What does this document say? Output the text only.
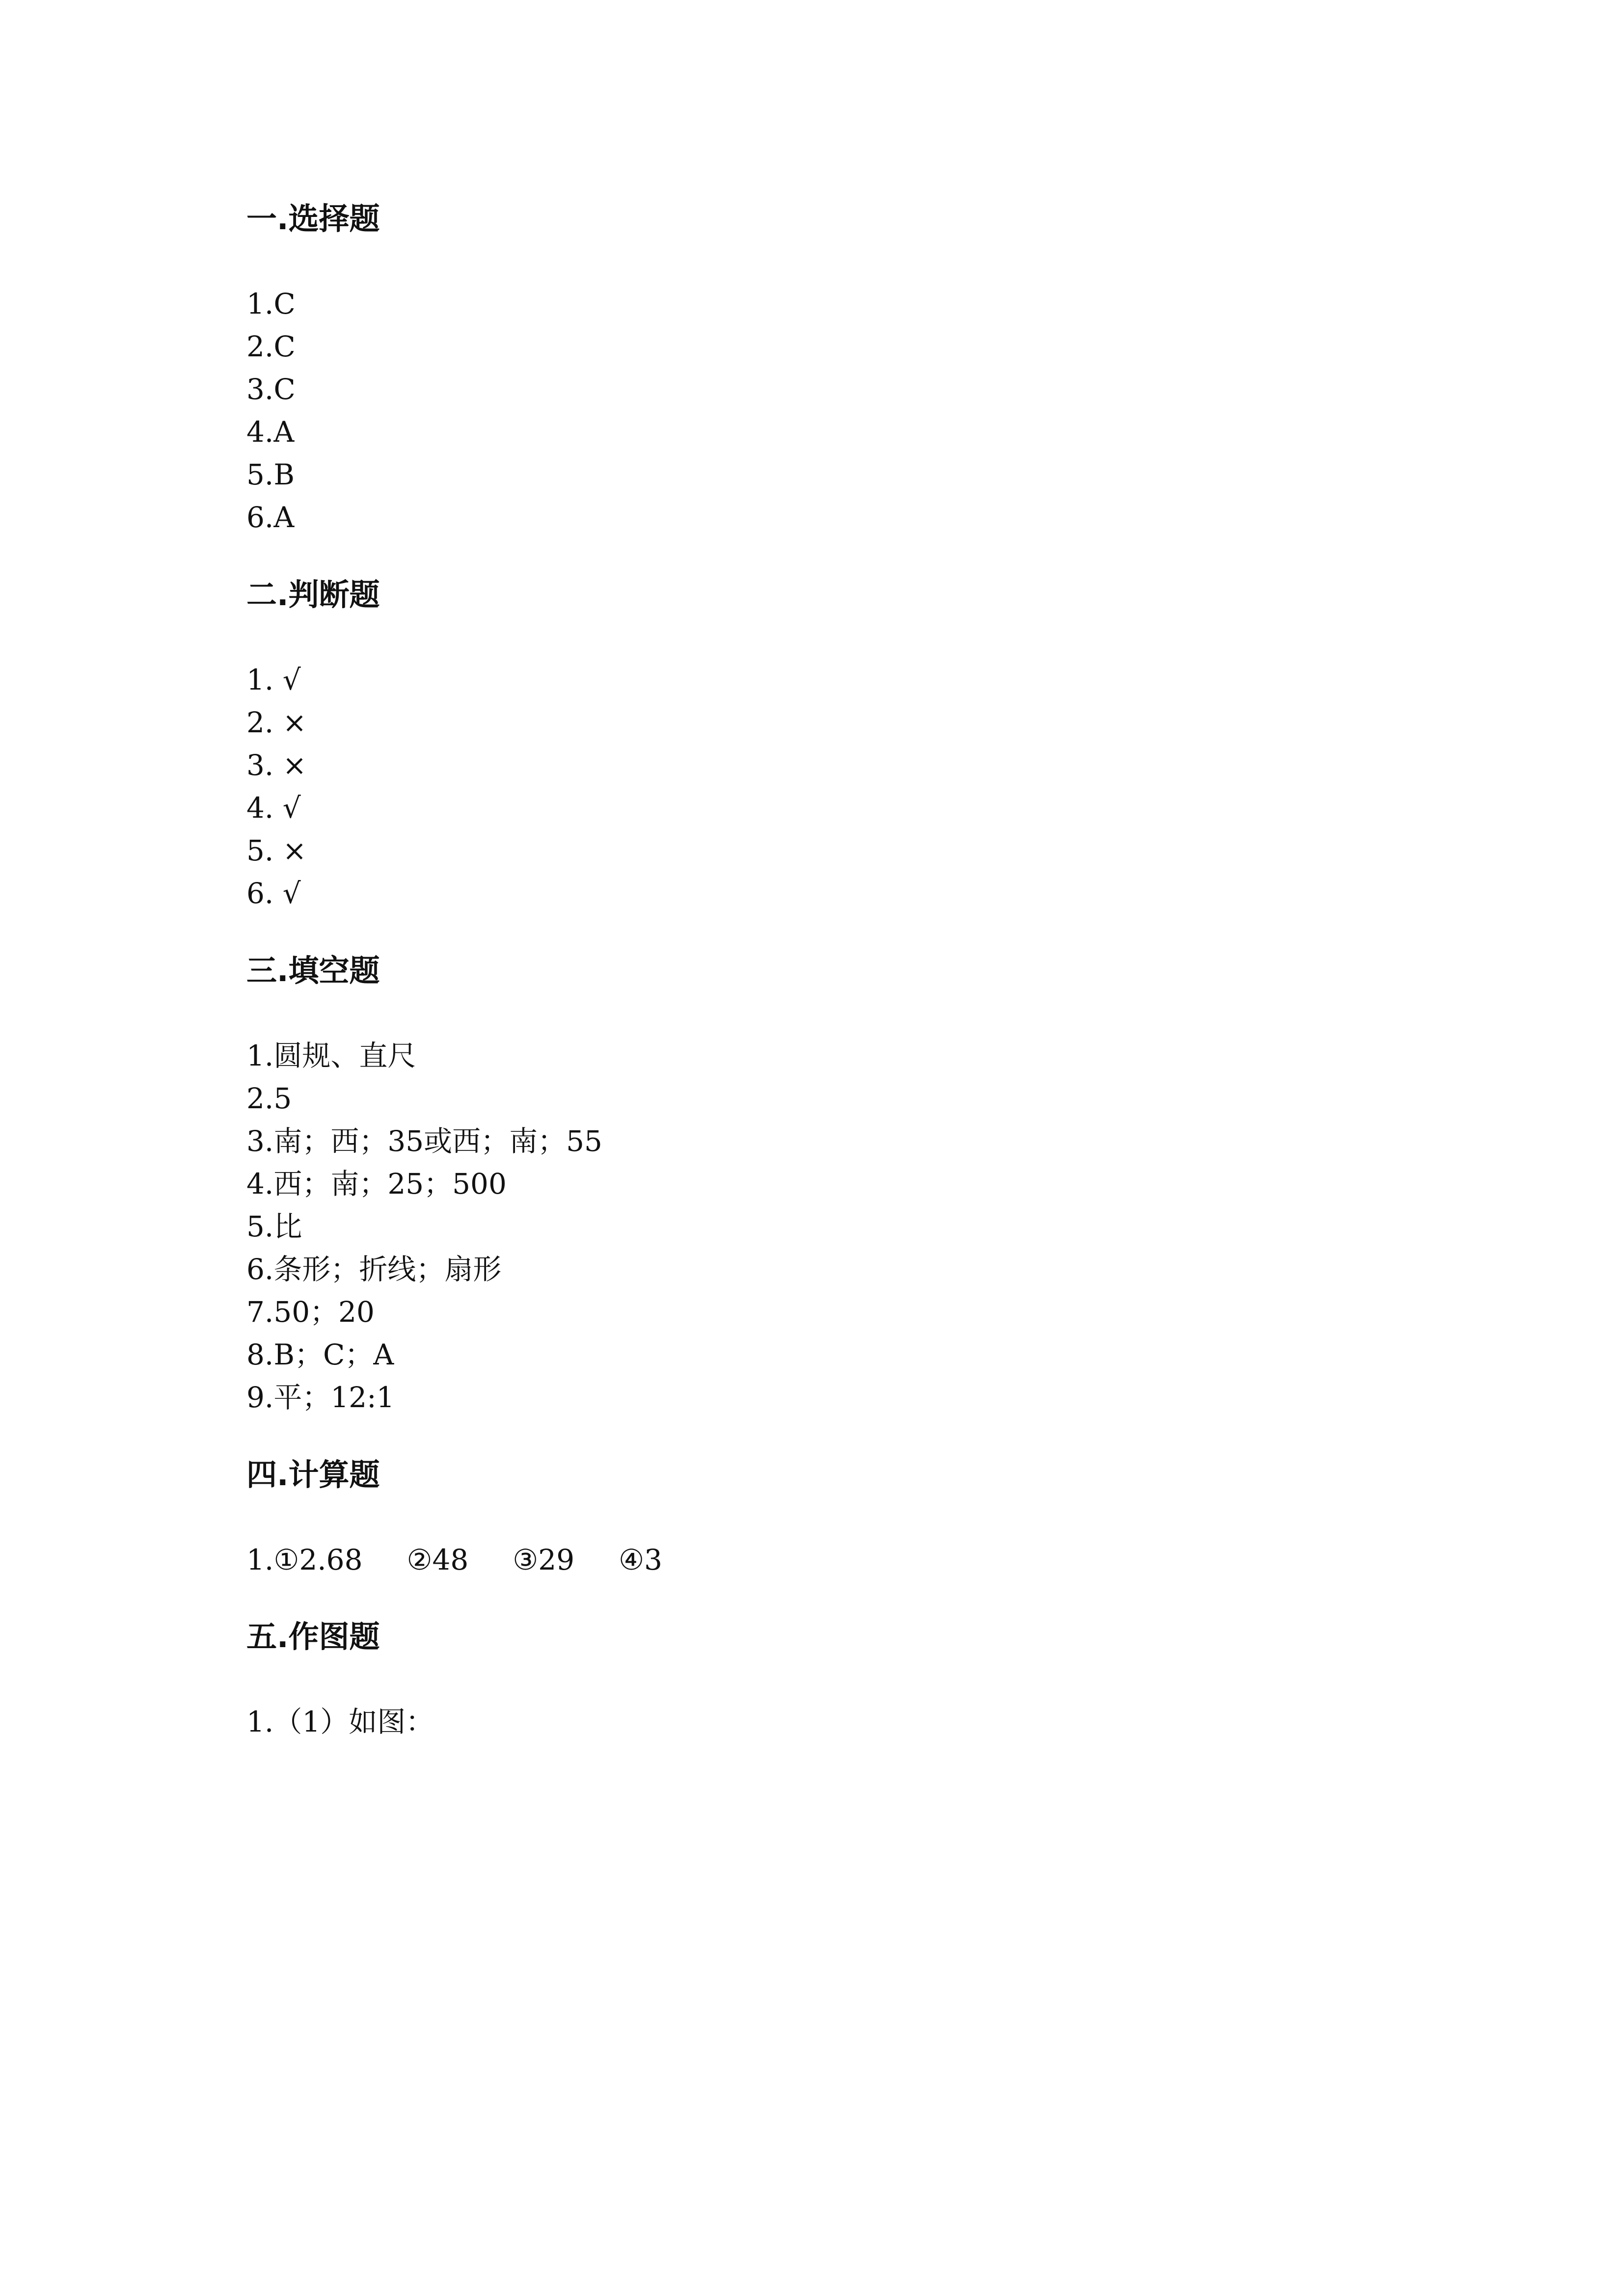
一.选择题
1.C
2.C
3.C
4.A
5.B
6.A
二.判断题
1. √
2. ×
3. ×
4. √
5. ×
6. √
三.填空题
1.圆规、直尺
2.5
3.南；西；35或西；南；55
4.西；南；25；500
5.比
6.条形；折线；扇形
7.50；20
8.B；C；A
9.平；12:1
四.计算题
1. ①2.68 ②48 ③29 ④3
五.作图题
1.（1）如图：
